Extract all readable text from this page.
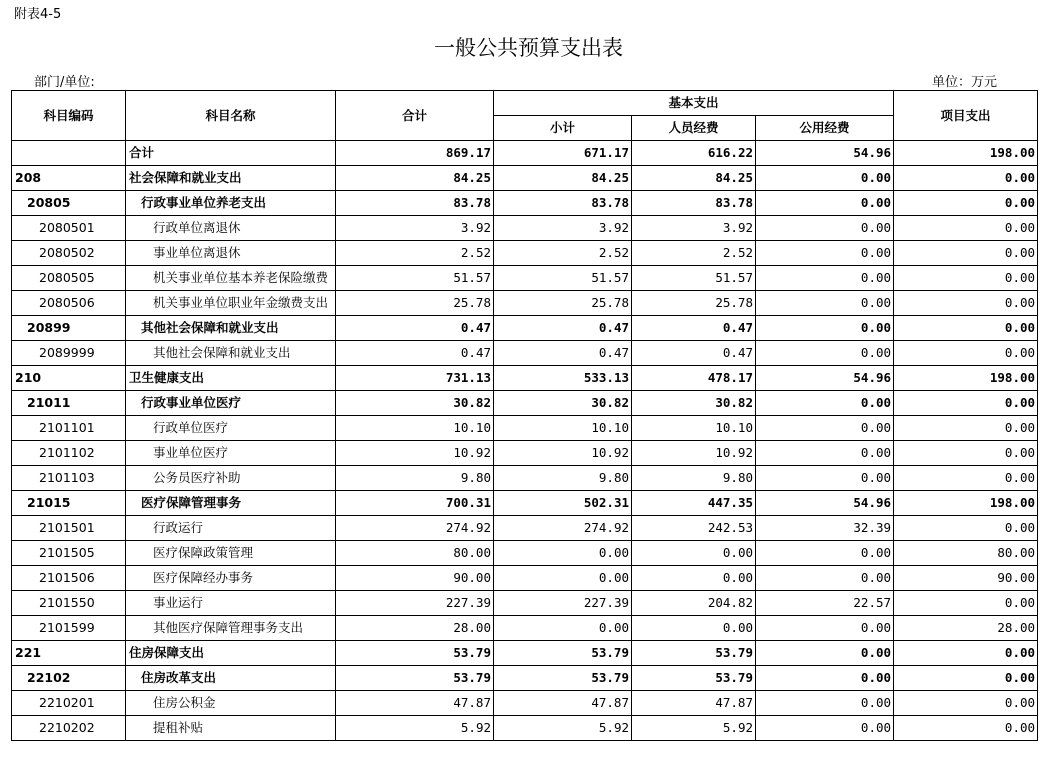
附表4-5
一般公共预算支出表
部门/单位:	单位：万元
科目编码	科目名称	合计	基本支出			项目支出
			小计	人员经费	公用经费	
	合计	869.17	671.17	616.22	54.96	198.00
208	社会保障和就业支出	84.25	84.25	84.25	0.00	0.00
20805	行政事业单位养老支出	83.78	83.78	83.78	0.00	0.00
2080501	行政单位离退休	3.92	3.92	3.92	0.00	0.00
2080502	事业单位离退休	2.52	2.52	2.52	0.00	0.00
2080505	机关事业单位基本养老保险缴费	51.57	51.57	51.57	0.00	0.00
2080506	机关事业单位职业年金缴费支出	25.78	25.78	25.78	0.00	0.00
20899	其他社会保障和就业支出	0.47	0.47	0.47	0.00	0.00
2089999	其他社会保障和就业支出	0.47	0.47	0.47	0.00	0.00
210	卫生健康支出	731.13	533.13	478.17	54.96	198.00
21011	行政事业单位医疗	30.82	30.82	30.82	0.00	0.00
2101101	行政单位医疗	10.10	10.10	10.10	0.00	0.00
2101102	事业单位医疗	10.92	10.92	10.92	0.00	0.00
2101103	公务员医疗补助	9.80	9.80	9.80	0.00	0.00
21015	医疗保障管理事务	700.31	502.31	447.35	54.96	198.00
2101501	行政运行	274.92	274.92	242.53	32.39	0.00
2101505	医疗保障政策管理	80.00	0.00	0.00	0.00	80.00
2101506	医疗保障经办事务	90.00	0.00	0.00	0.00	90.00
2101550	事业运行	227.39	227.39	204.82	22.57	0.00
2101599	其他医疗保障管理事务支出	28.00	0.00	0.00	0.00	28.00
221	住房保障支出	53.79	53.79	53.79	0.00	0.00
22102	住房改革支出	53.79	53.79	53.79	0.00	0.00
2210201	住房公积金	47.87	47.87	47.87	0.00	0.00
2210202	提租补贴	5.92	5.92	5.92	0.00	0.00
